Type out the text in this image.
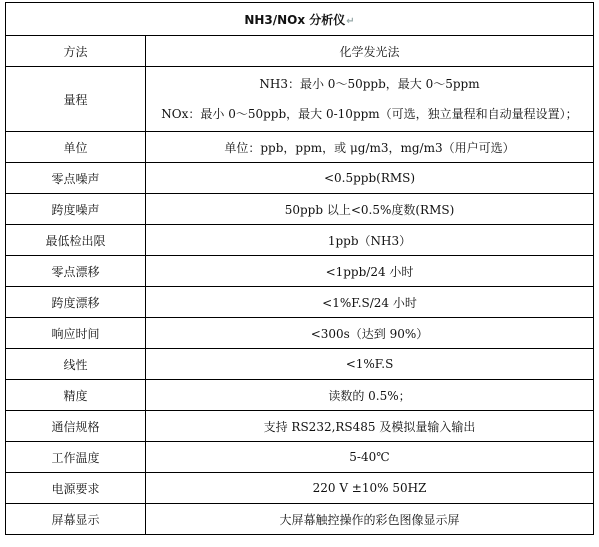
NH3/NOx 分析仪↵	
方法	化学发光法
量程	NH3：最小 0～50ppb，最大 0～5ppm
NOx：最小 0～50ppb，最大 0-10ppm（可选，独立量程和自动量程设置）；

单位	单位：ppb，ppm，或 μg/m3，mg/m3（用户可选）
零点噪声	<0.5ppb(RMS)
跨度噪声	50ppb 以上<0.5%度数(RMS)
最低检出限	1ppb（NH3）
零点漂移	<1ppb/24 小时
跨度漂移	<1%F.S/24 小时
响应时间	<300s（达到 90%）
线性	<1%F.S
精度	读数的 0.5%；
通信规格	支持 RS232,RS485 及模拟量输入输出
工作温度	5-40℃
电源要求	220 V ±10% 50HZ
屏幕显示	大屏幕触控操作的彩色图像显示屏
